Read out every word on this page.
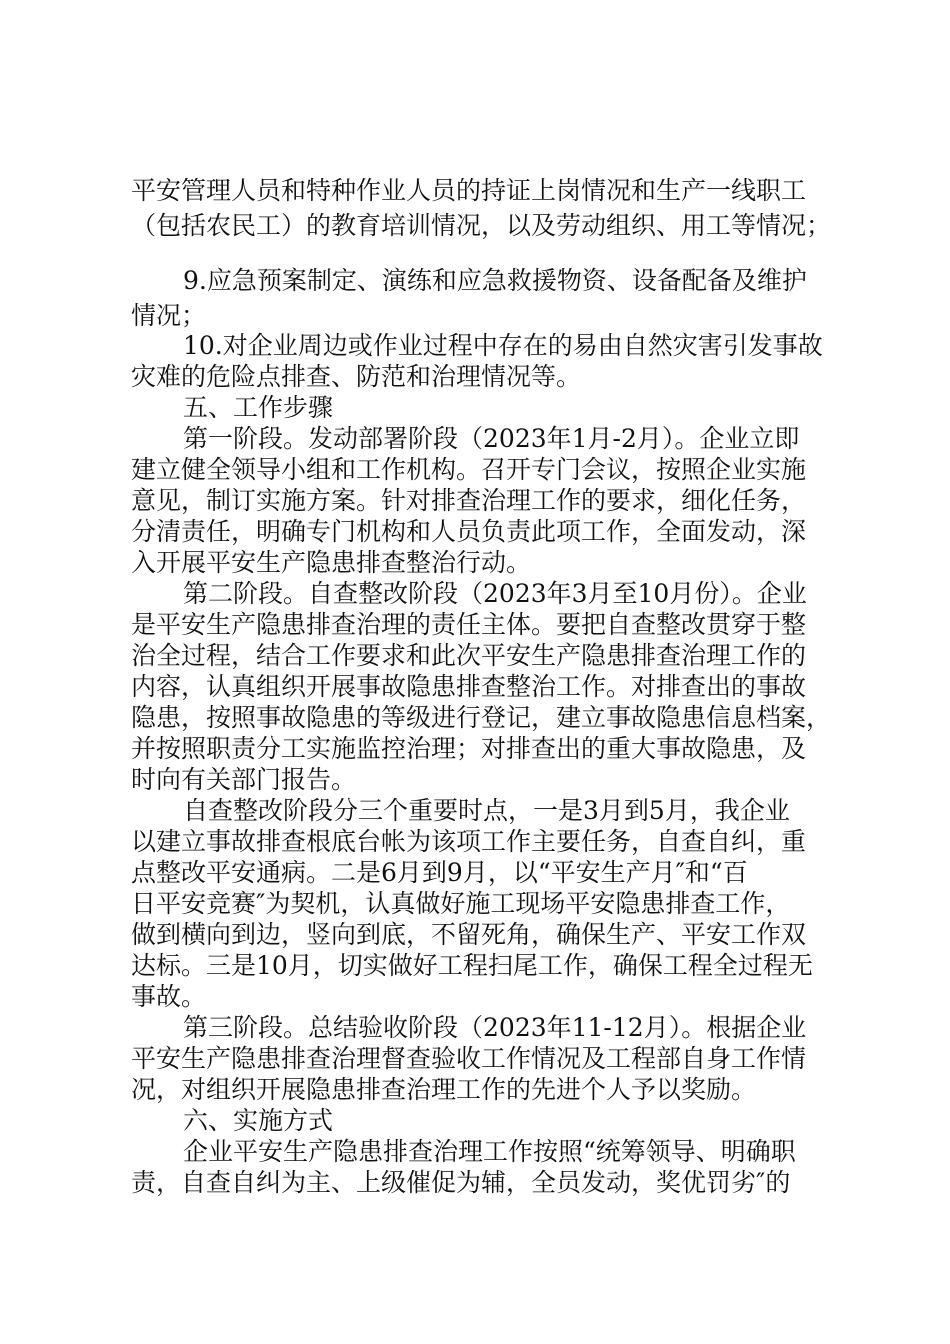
平安管理人员和特种作业人员的持证上岗情况和生产一线职工
（包括农民工）的教育培训情况，以及劳动组织、用工等情况；
9.应急预案制定、演练和应急救援物资、设备配备及维护
情况；
10.对企业周边或作业过程中存在的易由自然灾害引发事故
灾难的危险点排查、防范和治理情况等。
五、工作步骤
第一阶段。发动部署阶段（2023年1月-2月）。企业立即
建立健全领导小组和工作机构。召开专门会议，按照企业实施
意见，制订实施方案。针对排查治理工作的要求，细化任务，
分清责任，明确专门机构和人员负责此项工作，全面发动，深
入开展平安生产隐患排查整治行动。
第二阶段。自查整改阶段（2023年3月至10月份）。企业
是平安生产隐患排查治理的责任主体。要把自查整改贯穿于整
治全过程，结合工作要求和此次平安生产隐患排查治理工作的
内容，认真组织开展事故隐患排查整治工作。对排查出的事故
隐患，按照事故隐患的等级进行登记，建立事故隐患信息档案，
并按照职责分工实施监控治理；对排查出的重大事故隐患，及
时向有关部门报告。
自查整改阶段分三个重要时点，一是3月到5月，我企业
以建立事故排查根底台帐为该项工作主要任务，自查自纠，重
点整改平安通病。二是6月到9月，以“平安生产月″和“百
日平安竞赛″为契机，认真做好施工现场平安隐患排查工作，
做到横向到边，竖向到底，不留死角，确保生产、平安工作双
达标。三是10月，切实做好工程扫尾工作，确保工程全过程无
事故。
第三阶段。总结验收阶段（2023年11-12月）。根据企业
平安生产隐患排查治理督查验收工作情况及工程部自身工作情
况，对组织开展隐患排查治理工作的先进个人予以奖励。
六、实施方式
企业平安生产隐患排查治理工作按照“统筹领导、明确职
责，自查自纠为主、上级催促为辅，全员发动，奖优罚劣″的
